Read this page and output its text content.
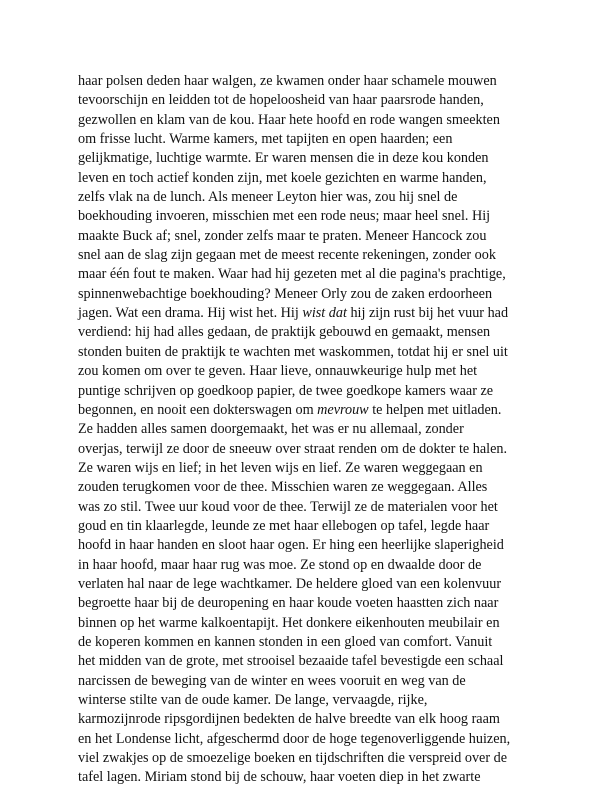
haar polsen deden haar walgen, ze kwamen onder haar schamele mouwen
tevoorschijn en leidden tot de hopeloosheid van haar paarsrode handen,
gezwollen en klam van de kou. Haar hete hoofd en rode wangen smeekten
om frisse lucht. Warme kamers, met tapijten en open haarden; een
gelijkmatige, luchtige warmte. Er waren mensen die in deze kou konden
leven en toch actief konden zijn, met koele gezichten en warme handen,
zelfs vlak na de lunch. Als meneer Leyton hier was, zou hij snel de
boekhouding invoeren, misschien met een rode neus; maar heel snel. Hij
maakte Buck af; snel, zonder zelfs maar te praten. Meneer Hancock zou
snel aan de slag zijn gegaan met de meest recente rekeningen, zonder ook
maar één fout te maken. Waar had hij gezeten met al die pagina's prachtige,
spinnenwebachtige boekhouding? Meneer Orly zou de zaken erdoorheen
jagen. Wat een drama. Hij wist het. Hij wist dat hij zijn rust bij het vuur had
verdiend: hij had alles gedaan, de praktijk gebouwd en gemaakt, mensen
stonden buiten de praktijk te wachten met waskommen, totdat hij er snel uit
zou komen om over te geven. Haar lieve, onnauwkeurige hulp met het
puntige schrijven op goedkoop papier, de twee goedkope kamers waar ze
begonnen, en nooit een dokterswagen om mevrouw te helpen met uitladen.
Ze hadden alles samen doorgemaakt, het was er nu allemaal, zonder
overjas, terwijl ze door de sneeuw over straat renden om de dokter te halen.
Ze waren wijs en lief; in het leven wijs en lief. Ze waren weggegaan en
zouden terugkomen voor de thee. Misschien waren ze weggegaan. Alles
was zo stil. Twee uur koud voor de thee. Terwijl ze de materialen voor het
goud en tin klaarlegde, leunde ze met haar ellebogen op tafel, legde haar
hoofd in haar handen en sloot haar ogen. Er hing een heerlijke slaperigheid
in haar hoofd, maar haar rug was moe. Ze stond op en dwaalde door de
verlaten hal naar de lege wachtkamer. De heldere gloed van een kolenvuur
begroette haar bij de deuropening en haar koude voeten haastten zich naar
binnen op het warme kalkoentapijt. Het donkere eikenhouten meubilair en
de koperen kommen en kannen stonden in een gloed van comfort. Vanuit
het midden van de grote, met strooisel bezaaide tafel bevestigde een schaal
narcissen de beweging van de winter en wees vooruit en weg van de
winterse stilte van de oude kamer. De lange, vervaagde, rijke,
karmozijnrode ripsgordijnen bedekten de halve breedte van elk hoog raam
en het Londense licht, afgeschermd door de hoge tegenoverliggende huizen,
viel zwakjes op de smoezelige boeken en tijdschriften die verspreid over de
tafel lagen. Miriam stond bij de schouw, haar voeten diep in het zwarte
